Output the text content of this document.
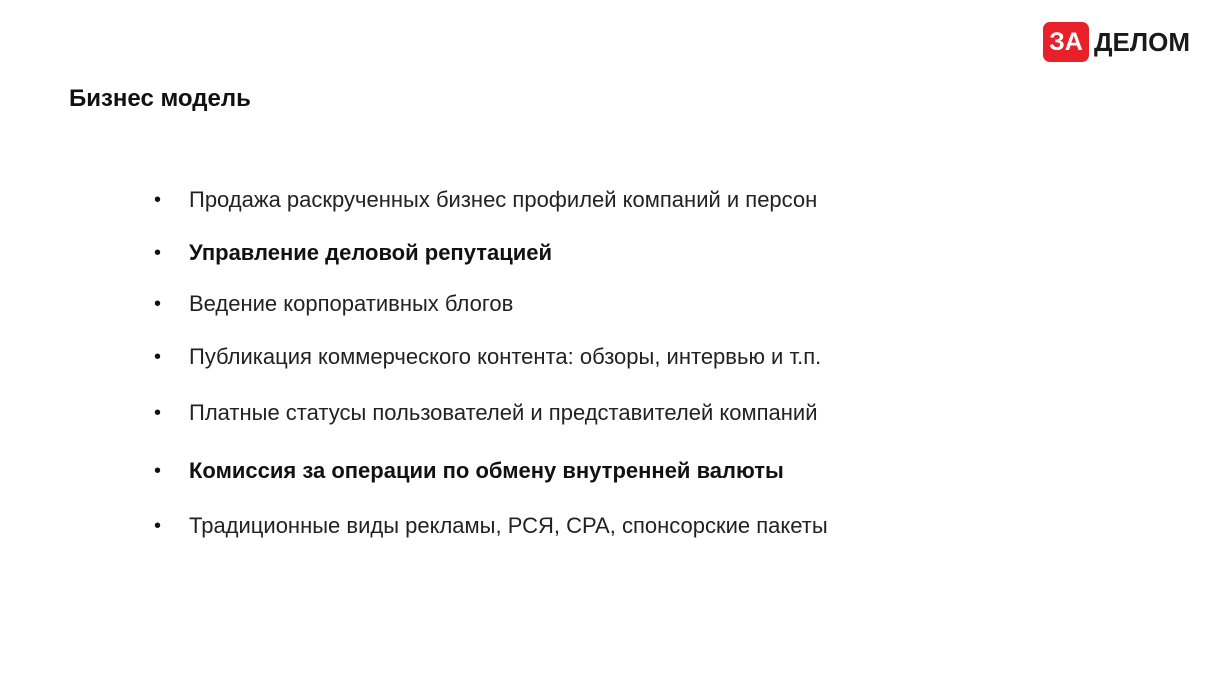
ЗА ДЕЛОМ
Бизнес модель
•	Продажа раскрученных бизнес профилей компаний и персон
•	Управление деловой репутацией
•	Ведение корпоративных блогов
•	Публикация коммерческого контента: обзоры, интервью и т.п.
•	Платные статусы пользователей и представителей компаний
•	Комиссия за операции по обмену внутренней валюты
•	Традиционные виды рекламы, РСЯ, CPA, спонсорские пакеты
